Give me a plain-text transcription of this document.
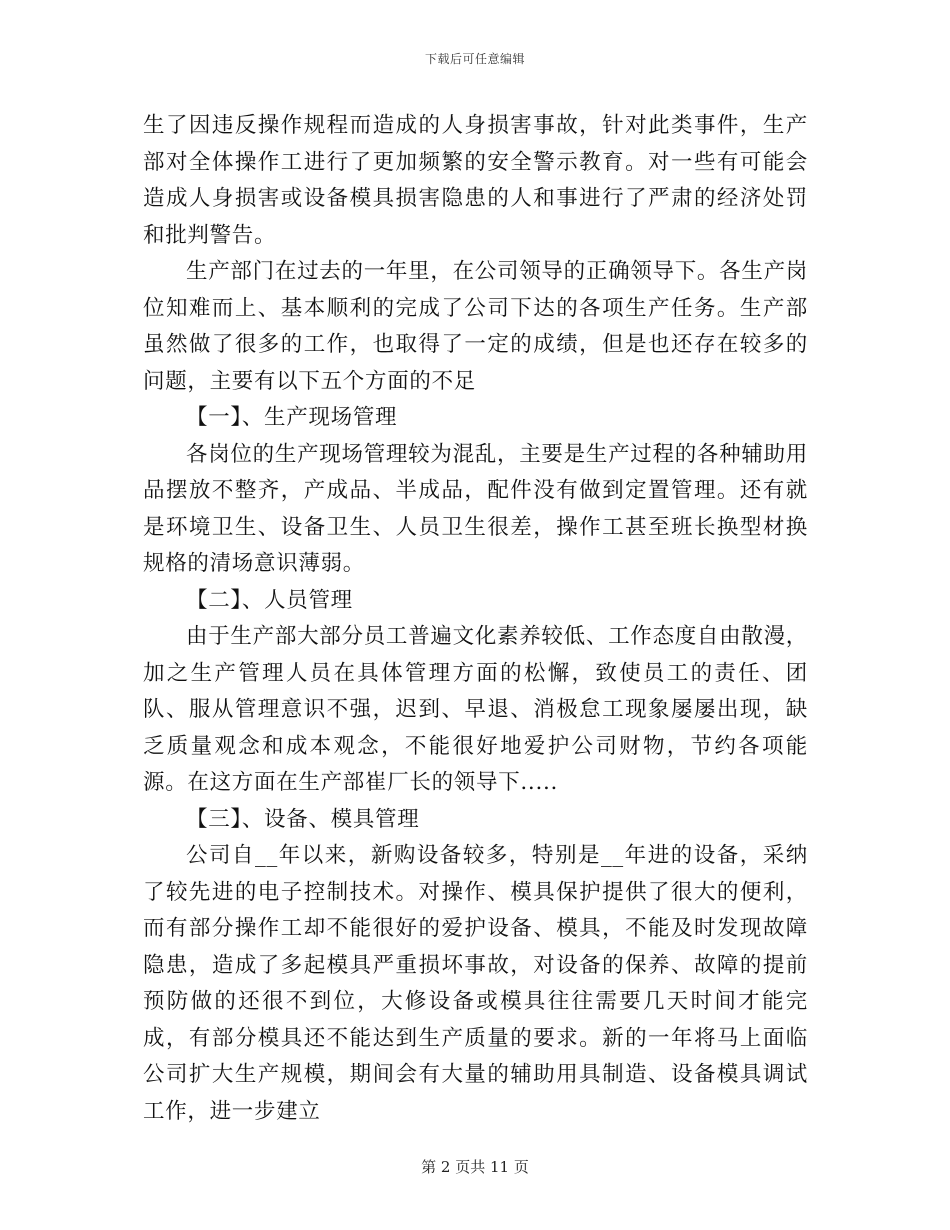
下载后可任意编辑

生了因违反操作规程而造成的人身损害事故，针对此类事件，生产部对全体操作工进行了更加频繁的安全警示教育。对一些有可能会造成人身损害或设备模具损害隐患的人和事进行了严肃的经济处罚和批判警告。

生产部门在过去的一年里，在公司领导的正确领导下。各生产岗位知难而上、基本顺利的完成了公司下达的各项生产任务。生产部虽然做了很多的工作，也取得了一定的成绩，但是也还存在较多的问题，主要有以下五个方面的不足

【一】、生产现场管理

各岗位的生产现场管理较为混乱，主要是生产过程的各种辅助用品摆放不整齐，产成品、半成品，配件没有做到定置管理。还有就是环境卫生、设备卫生、人员卫生很差，操作工甚至班长换型材换规格的清场意识薄弱。

【二】、人员管理

由于生产部大部分员工普遍文化素养较低、工作态度自由散漫，加之生产管理人员在具体管理方面的松懈，致使员工的责任、团队、服从管理意识不强，迟到、早退、消极怠工现象屡屡出现，缺乏质量观念和成本观念，不能很好地爱护公司财物，节约各项能源。在这方面在生产部崔厂长的领导下.....

【三】、设备、模具管理

公司自__年以来，新购设备较多，特别是__年进的设备，采纳了较先进的电子控制技术。对操作、模具保护提供了很大的便利，而有部分操作工却不能很好的爱护设备、模具，不能及时发现故障隐患，造成了多起模具严重损坏事故，对设备的保养、故障的提前预防做的还很不到位，大修设备或模具往往需要几天时间才能完成，有部分模具还不能达到生产质量的要求。新的一年将马上面临公司扩大生产规模，期间会有大量的辅助用具制造、设备模具调试工作，进一步建立

第 2 页共 11 页
